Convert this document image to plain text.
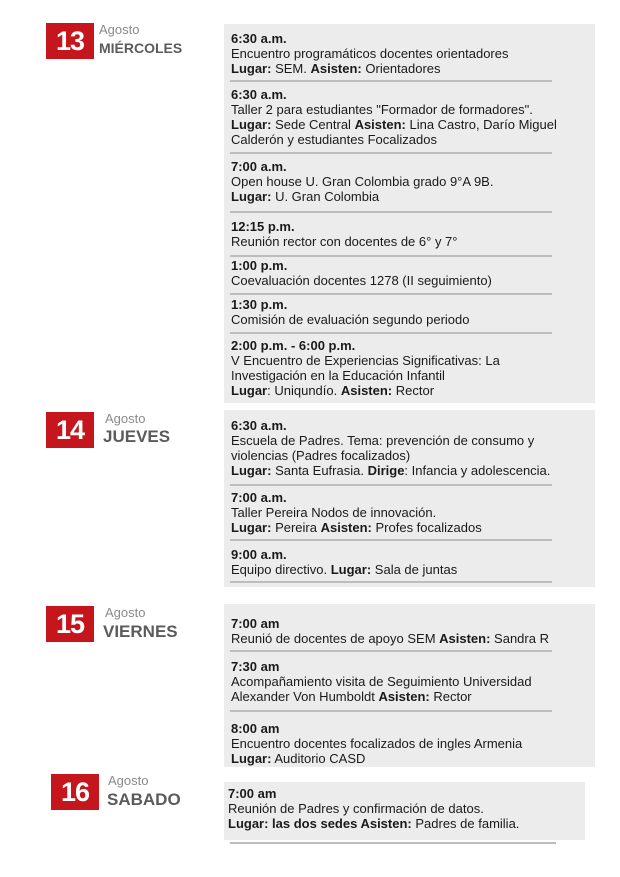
13	Agosto
MIÉRCOLES
6:30 a.m.
Encuentro programáticos docentes orientadores
Lugar: SEM. Asisten: Orientadores
6:30 a.m.
Taller 2 para estudiantes "Formador de formadores".
Lugar: Sede Central Asisten: Lina Castro, Darío Miguel
Calderón y estudiantes Focalizados
7:00 a.m.
Open house U. Gran Colombia grado 9°A 9B.
Lugar: U. Gran Colombia
12:15 p.m.
Reunión rector con docentes de 6° y 7°
1:00 p.m.
Coevaluación docentes 1278 (II seguimiento)
1:30 p.m.
Comisión de evaluación segundo periodo
2:00 p.m. - 6:00 p.m.
V Encuentro de Experiencias Significativas: La
Investigación en la Educación Infantil
Lugar: Uniqundío. Asisten: Rector
14	Agosto
JUEVES
6:30 a.m.
Escuela de Padres. Tema: prevención de consumo y
violencias (Padres focalizados)
Lugar: Santa Eufrasia. Dirige: Infancia y adolescencia.
7:00 a.m.
Taller Pereira Nodos de innovación.
Lugar: Pereira Asisten: Profes focalizados
9:00 a.m.
Equipo directivo. Lugar: Sala de juntas
15	Agosto
VIERNES	7:00 am
Reunió de docentes de apoyo SEM Asisten: Sandra R
7:30 am
Acompañamiento visita de Seguimiento Universidad
Alexander Von Humboldt Asisten: Rector
8:00 am
Encuentro docentes focalizados de ingles Armenia
Lugar: Auditorio CASD
16	Agosto
SABADO	7:00 am
Reunión de Padres y confirmación de datos.
Lugar: las dos sedes Asisten: Padres de familia.
